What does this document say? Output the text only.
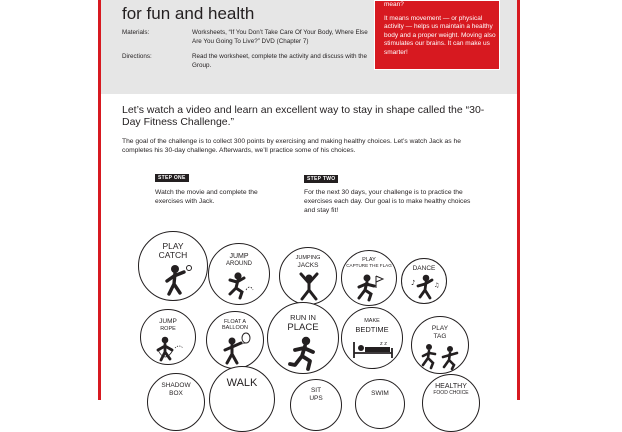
for fun and health
Materials:	Worksheets, “If You Don’t Take Care Of Your Body, Where Else Are You Going To Live?” DVD (Chapter 7)
Directions:	Read the worksheet, complete the activity and discuss with the Group.
mean?
It means movement — or physical activity — helps us maintain a healthy body and a proper weight. Moving also stimulates our brains. It can make us smarter!
Let’s watch a video and learn an excellent way to stay in shape called the “30-Day Fitness Challenge.”
The goal of the challenge is to collect 300 points by exercising and making healthy choices. Let’s watch Jack as he completes his 30-day challenge. Afterwards, we’ll practice some of his choices.
STEP ONE
Watch the movie and complete the exercises with Jack.
STEP TWO
For the next 30 days, your challenge is to practice the exercises each day. Our goal is to make healthy choices and stay fit!
PLAY
CATCH	JUMP
AROUND
JUMPING
JACKS
PLAY
CAPTURE THE FLAG	DANCE
♪	♫
JUMP
ROPE
FLOAT A
BALLOON
RUN IN
PLACE
MAKE
BEDTIME
z z
PLAY
TAG
SHADOW
BOX
WALK
SIT
UPS
SWIM
HEALTHY
FOOD CHOICE
